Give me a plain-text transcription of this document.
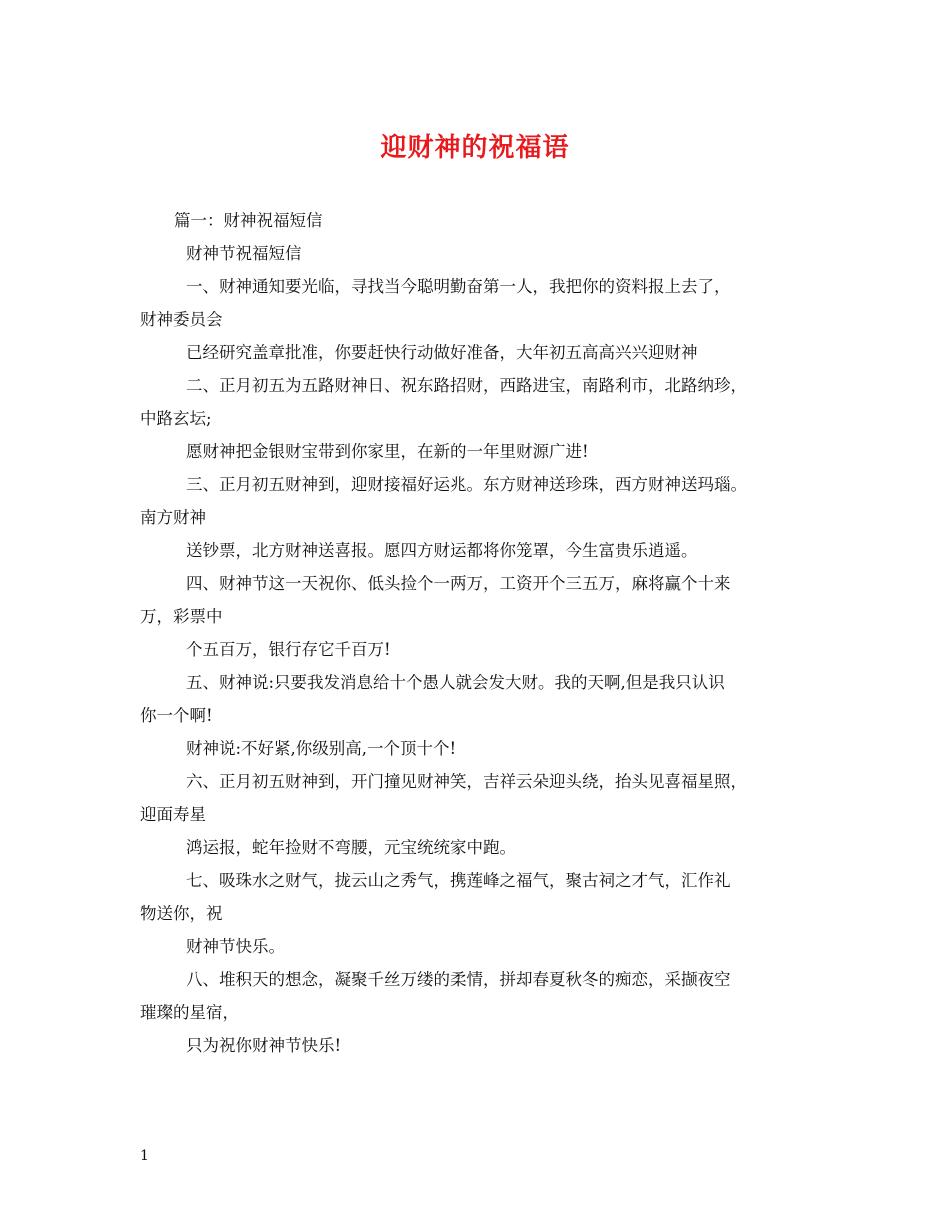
迎财神的祝福语
篇一：财神祝福短信
财神节祝福短信
一、财神通知要光临，寻找当今聪明勤奋第一人，我把你的资料报上去了，
财神委员会
已经研究盖章批准，你要赶快行动做好准备，大年初五高高兴兴迎财神
二、正月初五为五路财神日、祝东路招财，西路进宝，南路利市，北路纳珍，
中路玄坛;
愿财神把金银财宝带到你家里，在新的一年里财源广进!
三、正月初五财神到，迎财接福好运兆。东方财神送珍珠，西方财神送玛瑙。
南方财神
送钞票，北方财神送喜报。愿四方财运都将你笼罩，今生富贵乐逍遥。
四、财神节这一天祝你、低头捡个一两万，工资开个三五万，麻将赢个十来
万，彩票中
个五百万，银行存它千百万!
五、财神说:只要我发消息给十个愚人就会发大财。我的天啊,但是我只认识
你一个啊!
财神说:不好紧,你级别高,一个顶十个!
六、正月初五财神到，开门撞见财神笑，吉祥云朵迎头绕，抬头见喜福星照，
迎面寿星
鸿运报，蛇年捡财不弯腰，元宝统统家中跑。
七、吸珠水之财气，拢云山之秀气，携莲峰之福气，聚古祠之才气，汇作礼
物送你，祝
财神节快乐。
八、堆积天的想念，凝聚千丝万缕的柔情，拼却春夏秋冬的痴恋，采撷夜空
璀璨的星宿，
只为祝你财神节快乐!
1
